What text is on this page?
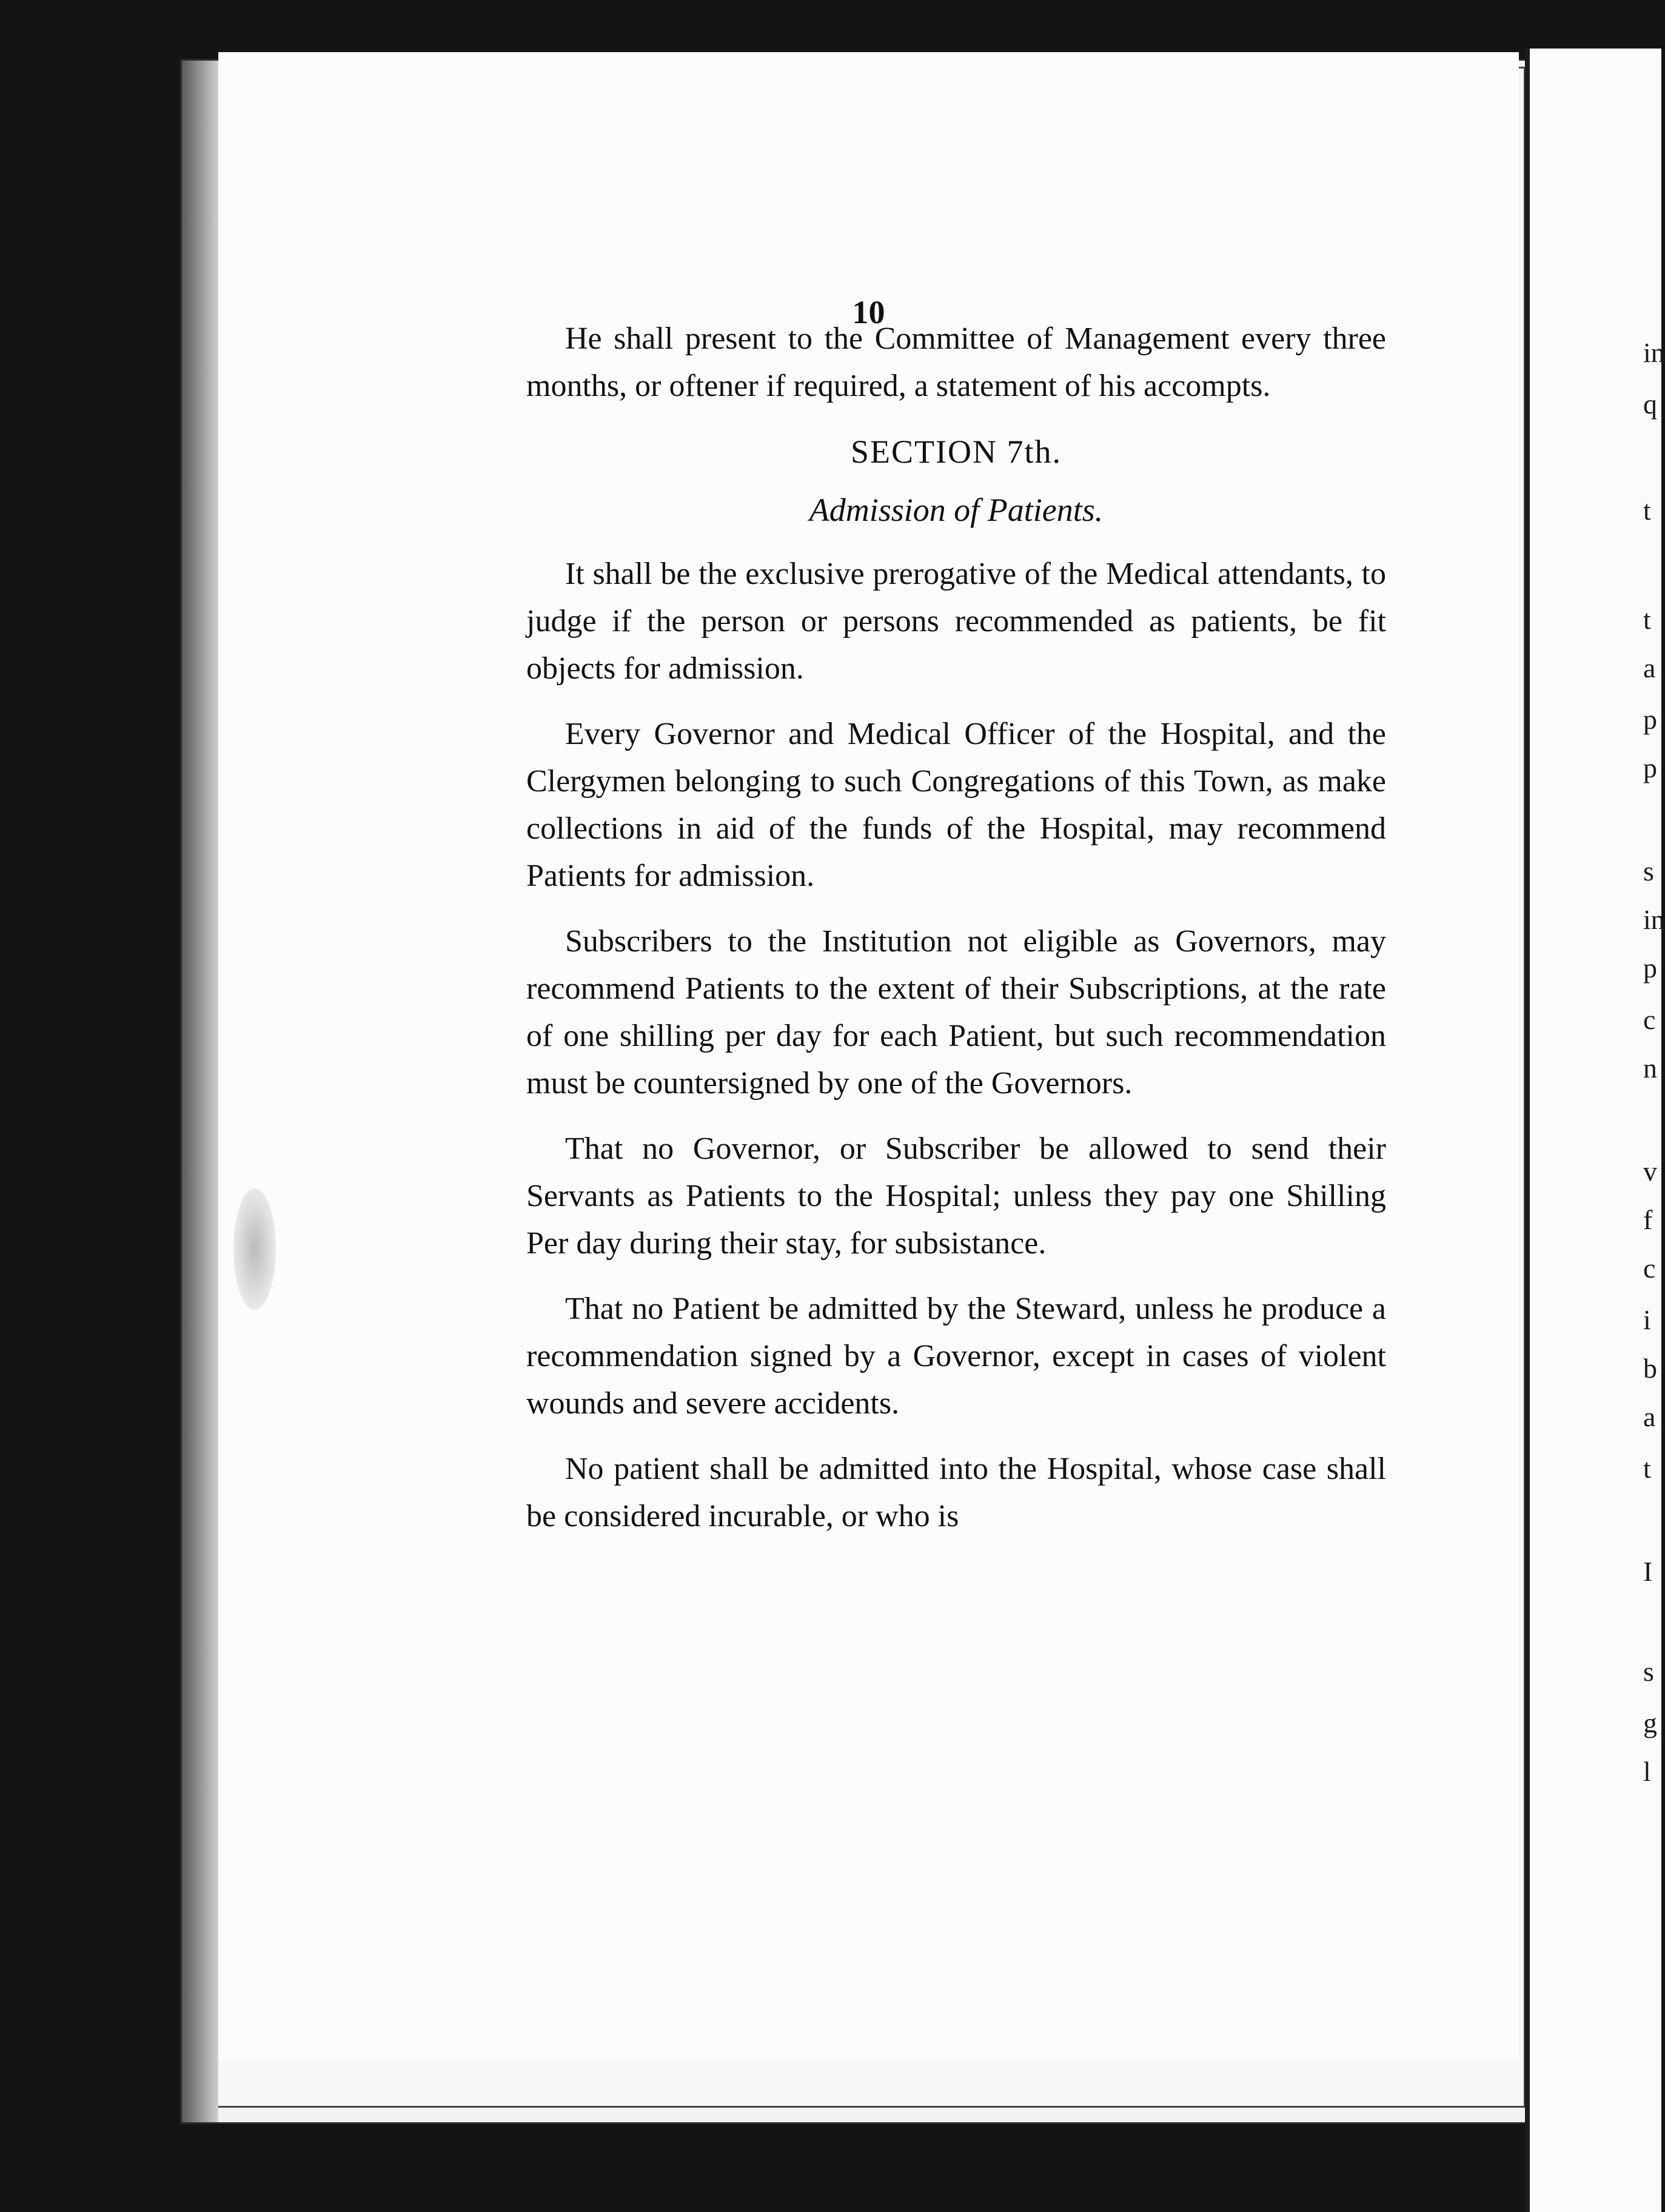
10

He shall present to the Committee of Management every three months, or oftener if required, a statement of his accompts.

SECTION 7th.
Admission of Patients.

It shall be the exclusive prerogative of the Medical attendants, to judge if the person or persons recommended as patients, be fit objects for admission.

Every Governor and Medical Officer of the Hospital, and the Clergymen belonging to such Congregations of this Town, as make collections in aid of the funds of the Hospital, may recommend Patients for admission.

Subscribers to the Institution not eligible as Governors, may recommend Patients to the extent of their Subscriptions, at the rate of one shilling per day for each Patient, but such recommendation must be countersigned by one of the Governors.

That no Governor, or Subscriber be allowed to send their Servants as Patients to the Hospital; unless they pay one Shilling Per day during their stay, for subsistance.

That no Patient be admitted by the Steward, unless he produce a recommendation signed by a Governor, except in cases of violent wounds and severe accidents.

No patient shall be admitted into the Hospital, whose case shall be considered incurable, or who is

in
q
t
t
a
p
p
s
in
p
c
n
v
f
c
i
b
a
t
I
s
g
l
